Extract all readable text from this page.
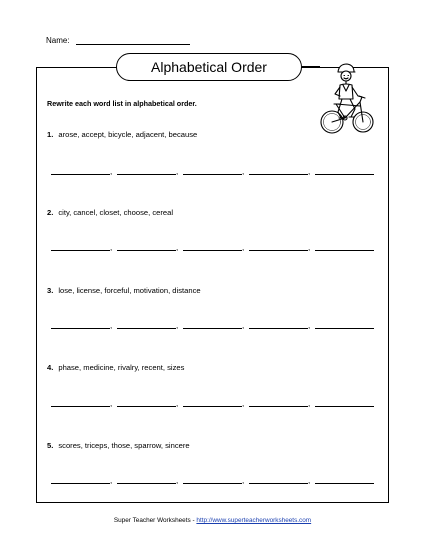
Name:
Alphabetical Order
Rewrite each word list in alphabetical order.
1. arose, accept, bicycle, adjacent, because
,	,	,	,
2. city, cancel, closet, choose, cereal
,	,	,	,
3. lose, license, forceful, motivation, distance
,	,	,	,
4. phase, medicine, rivalry, recent, sizes
,	,	,	,
5. scores, triceps, those, sparrow, sincere
,	,	,	,
Super Teacher Worksheets - http://www.superteacherworksheets.com
